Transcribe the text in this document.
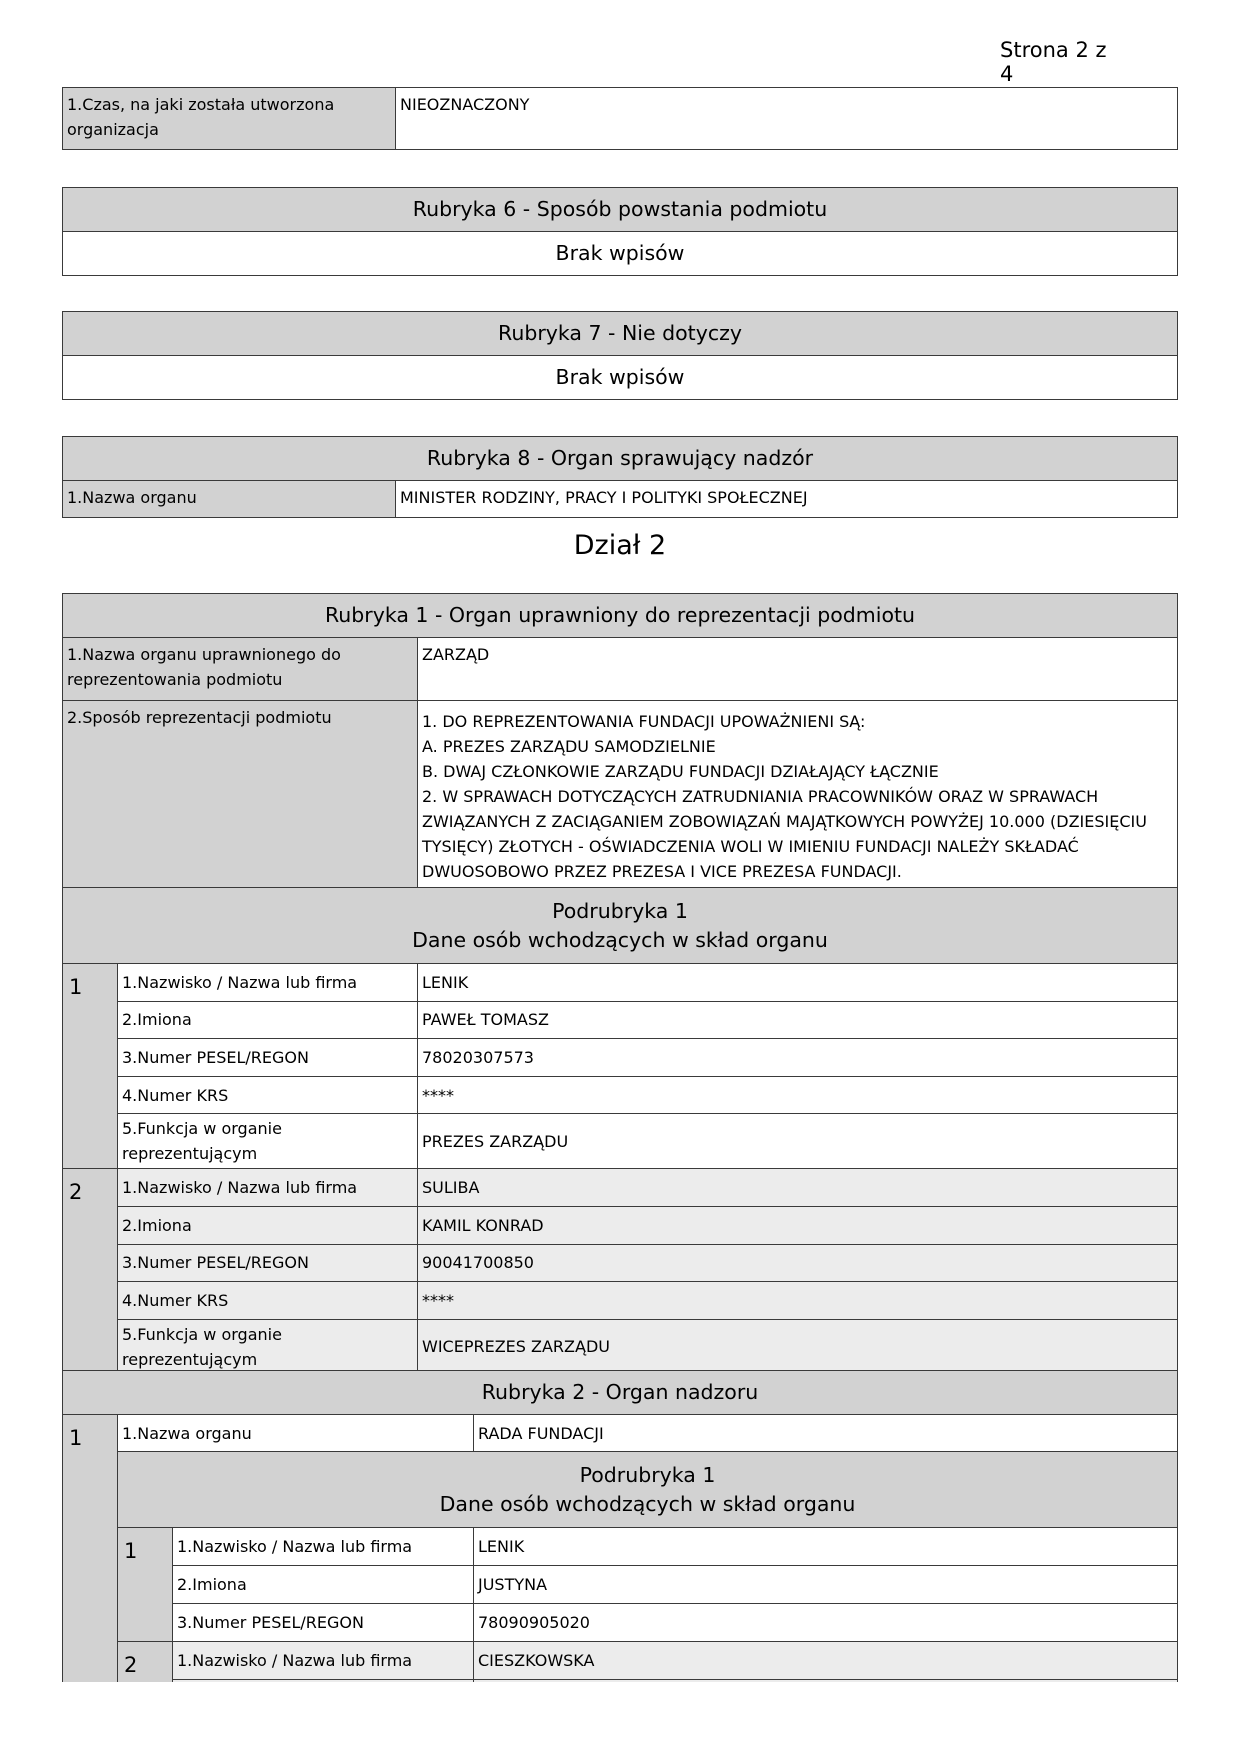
Strona 2 z 4
1.Czas, na jaki została utworzona organizacja	NIEOZNACZONY
Rubryka 6 - Sposób powstania podmiotu
Brak wpisów
Rubryka 7 - Nie dotyczy
Brak wpisów
Rubryka 8 - Organ sprawujący nadzór
1.Nazwa organu	MINISTER RODZINY, PRACY I POLITYKI SPOŁECZNEJ
Dział 2
Rubryka 1 - Organ uprawniony do reprezentacji podmiotu		
1.Nazwa organu uprawnionego do reprezentowania podmiotu		ZARZĄD
2.Sposób reprezentacji podmiotu		1. DO REPREZENTOWANIA FUNDACJI UPOWAŻNIENI SĄ:
A. PREZES ZARZĄDU SAMODZIELNIE
B. DWAJ CZŁONKOWIE ZARZĄDU FUNDACJI DZIAŁAJĄCY ŁĄCZNIE
2. W SPRAWACH DOTYCZĄCYCH ZATRUDNIANIA PRACOWNIKÓW ORAZ W SPRAWACH ZWIĄZANYCH Z ZACIĄGANIEM ZOBOWIĄZAŃ MAJĄTKOWYCH POWYŻEJ 10.000 (DZIESIĘCIU TYSIĘCY) ZŁOTYCH - OŚWIADCZENIA WOLI W IMIENIU FUNDACJI NALEŻY SKŁADAĆ DWUOSOBOWO PRZEZ PREZESA I VICE PREZESA FUNDACJI.

Podrubryka 1
Dane osób wchodzących w skład organu		

1	1.Nazwisko / Nazwa lub firma	LENIK
	2.Imiona	PAWEŁ TOMASZ
	3.Numer PESEL/REGON	78020307573
	4.Numer KRS	****
	5.Funkcja w organie reprezentującym	PREZES ZARZĄDU
2	1.Nazwisko / Nazwa lub firma	SULIBA
	2.Imiona	KAMIL KONRAD
	3.Numer PESEL/REGON	90041700850
	4.Numer KRS	****
	5.Funkcja w organie reprezentującym	WICEPREZES ZARZĄDU
Rubryka 2 - Organ nadzoru			
1	1.Nazwa organu		RADA FUNDACJI

	Podrubryka 1
Dane osób wchodzących w skład organu		

	1	1.Nazwisko / Nazwa lub firma	LENIK
		2.Imiona	JUSTYNA
		3.Numer PESEL/REGON	78090905020
	2	1.Nazwisko / Nazwa lub firma	CIESZKOWSKA
